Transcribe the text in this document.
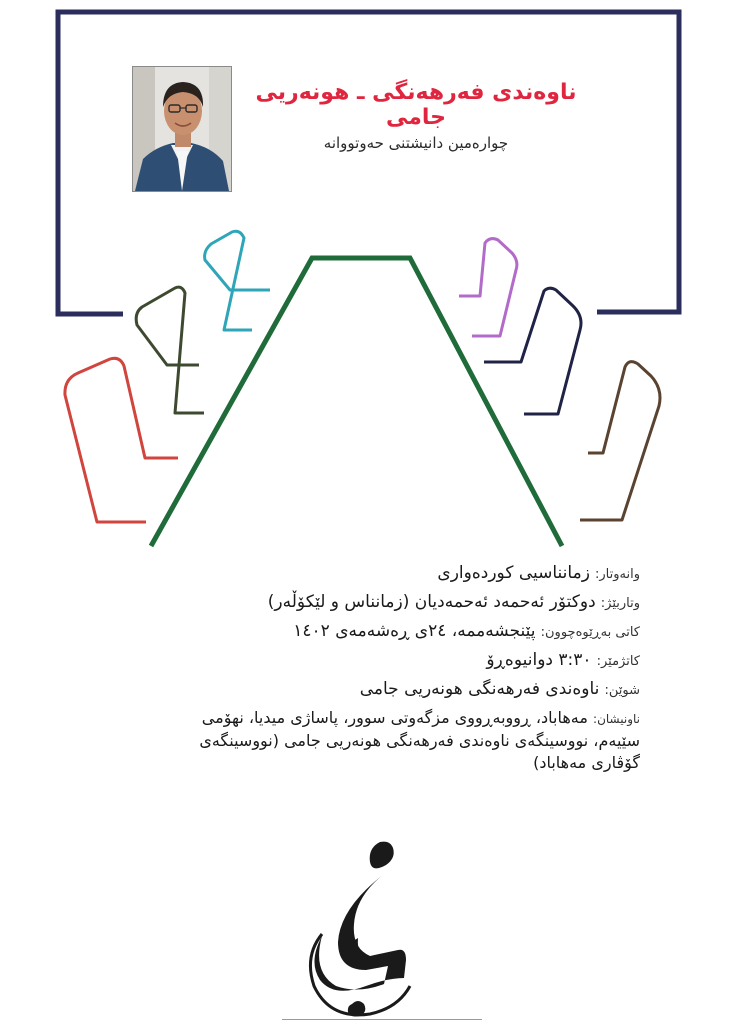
ناوەندی فەرهەنگی ـ هونەریی جامی

چوارەمین دانیشتنی حەوتووانە

وانەوتار: زمانناسیی کوردەواری
وتاربێژ: دوکتۆر ئەحمەد ئەحمەدیان (زمانناس و لێکۆڵەر)
کاتی بەڕێوەچوون: پێنجشەممە، ٢٤ی ڕەشەمەی ١٤٠٢
کاتژمێر: ٣:٣٠ دوانیوەڕۆ
شوێن: ناوەندی فەرهەنگی هونەریی جامی
ناونیشان: مەهاباد، ڕووبەڕووی مزگەوتی سوور، پاساژی میدیا، نهۆمی سێیەم، نووسینگەی ناوەندی فەرهەنگی هونەریی جامی (نووسینگەی گۆڤاری مەهاباد)
